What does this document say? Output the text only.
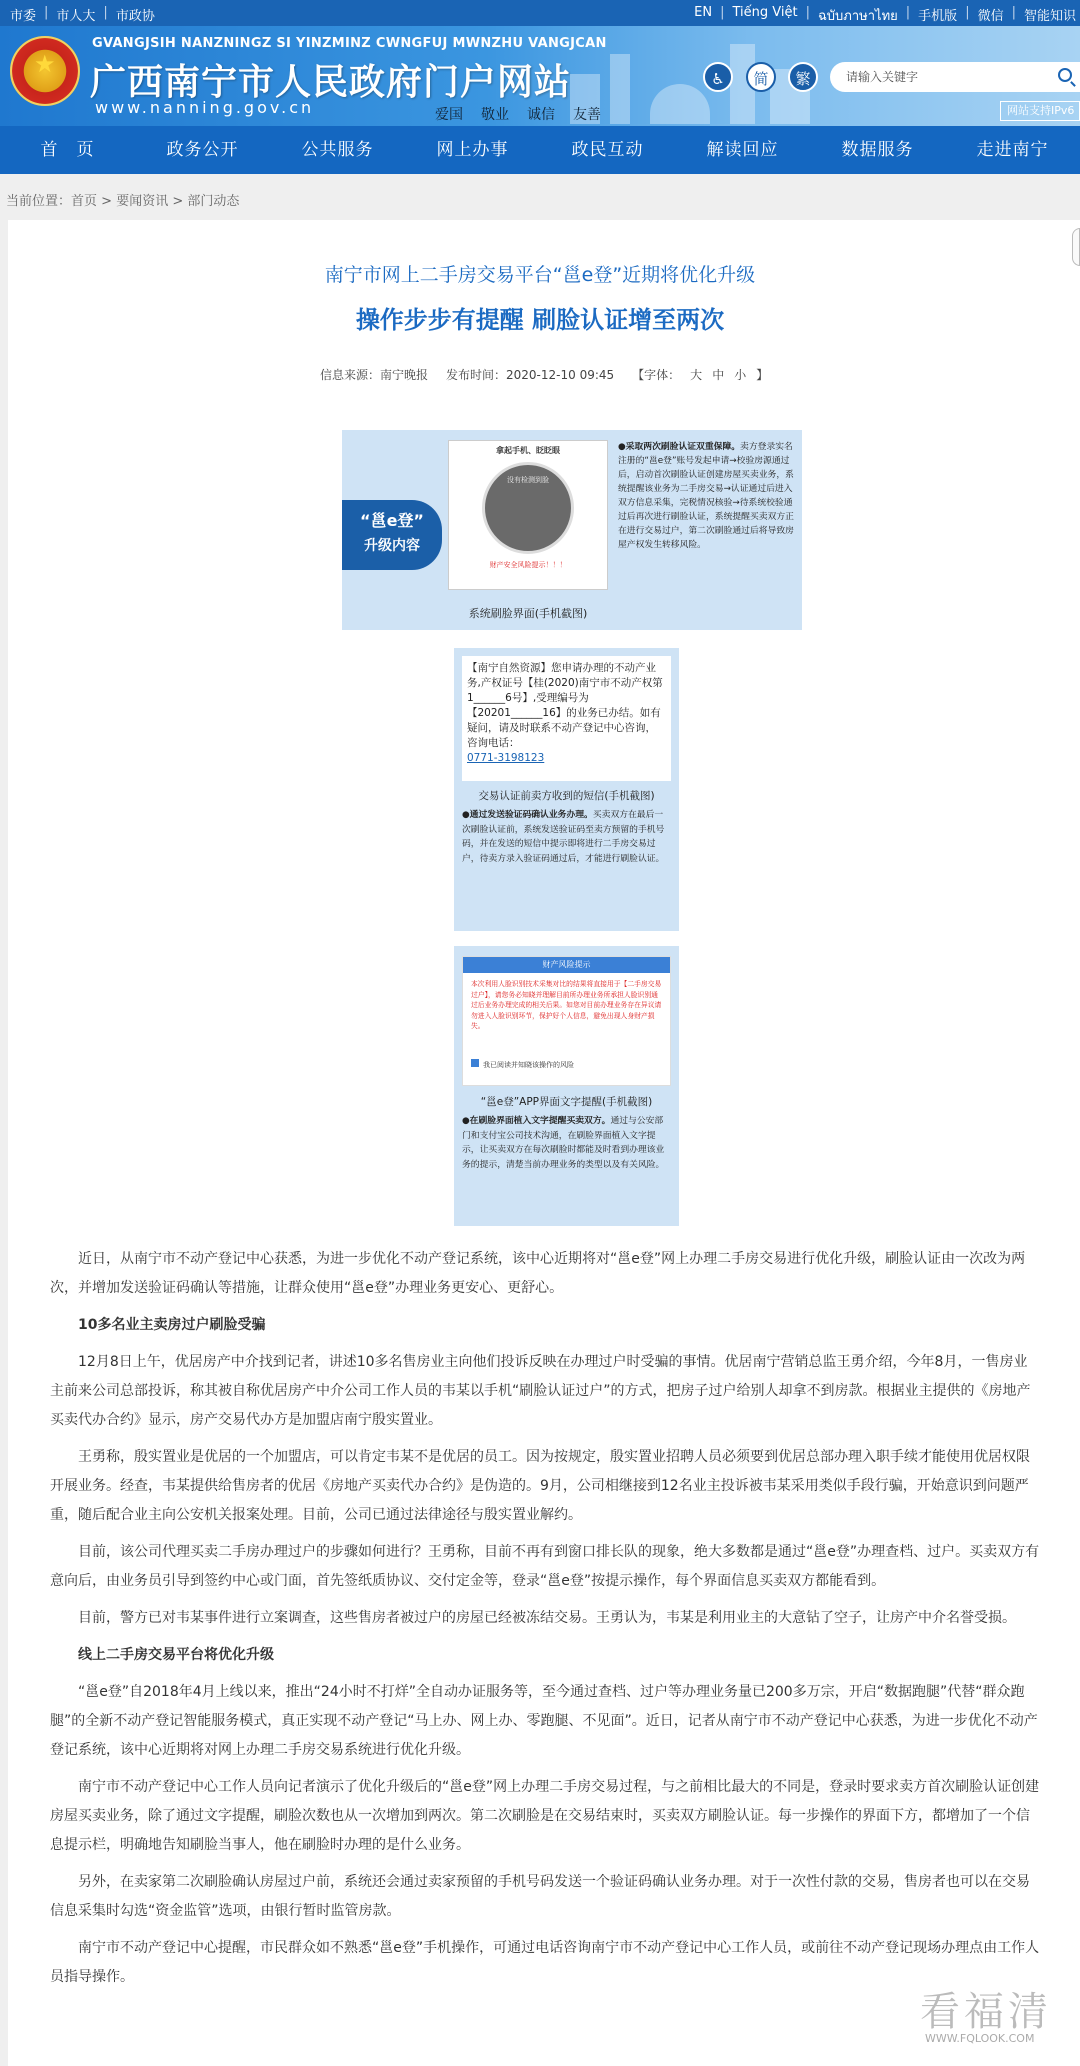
市委 | 市人大 | 市政协	EN | Tiếng Việt | ฉบับภาษาไทย | 手机版 | 微信 | 智能知识
★
GVANGJSIH NANZNINGZ SI YINZMINZ CWNGFUJ MWNZHU VANGJCAN
广西南宁市人民政府门户网站
www.nanning.gov.cn	爱国 敬业 诚信 友善
♿	简	繁	请输入关键字
网站支持IPv6
首　页	政务公开	公共服务	网上办事	政民互动	解读回应	数据服务	走进南宁
当前位置：首页 > 要闻资讯 > 部门动态
南宁市网上二手房交易平台“邕e登”近期将优化升级
操作步步有提醒 刷脸认证增至两次
信息来源：南宁晚报 发布时间：2020-12-10 09:45 【字体： 大 中 小 】
“邕e登”
升级内容
拿起手机、眨眨眼
没有检测到脸
财产安全风险提示！！！
系统刷脸界面(手机截图)
●采取两次刷脸认证双重保障。卖方登录实名注册的“邕e登”账号发起申请→校验房源通过后，启动首次刷脸认证创建房屋买卖业务，系统提醒该业务为二手房交易→认证通过后进入双方信息采集，完税情况核验→待系统校验通过后再次进行刷脸认证，系统提醒买卖双方正在进行交易过户，第二次刷脸通过后将导致房屋产权发生转移风险。
【南宁自然资源】您申请办理的不动产业务,产权证号【桂(2020)南宁市不动产权第1______6号】,受理编号为【20201______16】的业务已办结。如有疑问，请及时联系不动产登记中心咨询，咨询电话：
0771-3198123
交易认证前卖方收到的短信(手机截图)
●通过发送验证码确认业务办理。买卖双方在最后一次刷脸认证前，系统发送验证码至卖方预留的手机号码，并在发送的短信中提示即将进行二手房交易过户，待卖方录入验证码通过后，才能进行刷脸认证。
财产风险提示
本次利用人脸识别技术采集对比的结果将直接用于【二手房交易过户】，请您务必知晓并理解目前所办理业务所承担人脸识别通过后业务办理完成的相关后果。如您对目前办理业务存在异议请勿进入人脸识别环节，保护好个人信息，避免出现人身财产损失。
我已阅读并知晓该操作的风险
“邕e登”APP界面文字提醒(手机截图)
●在刷脸界面植入文字提醒买卖双方。通过与公安部门和支付宝公司技术沟通，在刷脸界面植入文字提示，让买卖双方在每次刷脸时都能及时看到办理该业务的提示，清楚当前办理业务的类型以及有关风险。

近日，从南宁市不动产登记中心获悉，为进一步优化不动产登记系统，该中心近期将对“邕e登”网上办理二手房交易进行优化升级，刷脸认证由一次改为两次，并增加发送验证码确认等措施，让群众使用“邕e登”办理业务更安心、更舒心。

10多名业主卖房过户刷脸受骗

12月8日上午，优居房产中介找到记者，讲述10多名售房业主向他们投诉反映在办理过户时受骗的事情。优居南宁营销总监王勇介绍，今年8月，一售房业主前来公司总部投诉，称其被自称优居房产中介公司工作人员的韦某以手机“刷脸认证过户”的方式，把房子过户给别人却拿不到房款。根据业主提供的《房地产买卖代办合约》显示，房产交易代办方是加盟店南宁殷实置业。

王勇称，殷实置业是优居的一个加盟店，可以肯定韦某不是优居的员工。因为按规定，殷实置业招聘人员必须要到优居总部办理入职手续才能使用优居权限开展业务。经查，韦某提供给售房者的优居《房地产买卖代办合约》是伪造的。9月，公司相继接到12名业主投诉被韦某采用类似手段行骗，开始意识到问题严重，随后配合业主向公安机关报案处理。目前，公司已通过法律途径与殷实置业解约。

目前，该公司代理买卖二手房办理过户的步骤如何进行？王勇称，目前不再有到窗口排长队的现象，绝大多数都是通过“邕e登”办理查档、过户。买卖双方有意向后，由业务员引导到签约中心或门面，首先签纸质协议、交付定金等，登录“邕e登”按提示操作，每个界面信息买卖双方都能看到。

目前，警方已对韦某事件进行立案调查，这些售房者被过户的房屋已经被冻结交易。王勇认为，韦某是利用业主的大意钻了空子，让房产中介名誉受损。

线上二手房交易平台将优化升级

“邕e登”自2018年4月上线以来，推出“24小时不打烊”全自动办证服务等，至今通过查档、过户等办理业务量已200多万宗，开启“数据跑腿”代替“群众跑腿”的全新不动产登记智能服务模式，真正实现不动产登记“马上办、网上办、零跑腿、不见面”。近日，记者从南宁市不动产登记中心获悉，为进一步优化不动产登记系统，该中心近期将对网上办理二手房交易系统进行优化升级。

南宁市不动产登记中心工作人员向记者演示了优化升级后的“邕e登”网上办理二手房交易过程，与之前相比最大的不同是，登录时要求卖方首次刷脸认证创建房屋买卖业务，除了通过文字提醒，刷脸次数也从一次增加到两次。第二次刷脸是在交易结束时，买卖双方刷脸认证。每一步操作的界面下方，都增加了一个信息提示栏，明确地告知刷脸当事人，他在刷脸时办理的是什么业务。

另外，在卖家第二次刷脸确认房屋过户前，系统还会通过卖家预留的手机号码发送一个验证码确认业务办理。对于一次性付款的交易，售房者也可以在交易信息采集时勾选“资金监管”选项，由银行暂时监管房款。

南宁市不动产登记中心提醒，市民群众如不熟悉“邕e登”手机操作，可通过电话咨询南宁市不动产登记中心工作人员，或前往不动产登记现场办理点由工作人员指导操作。

看福清
WWW.FQLOOK.COM
